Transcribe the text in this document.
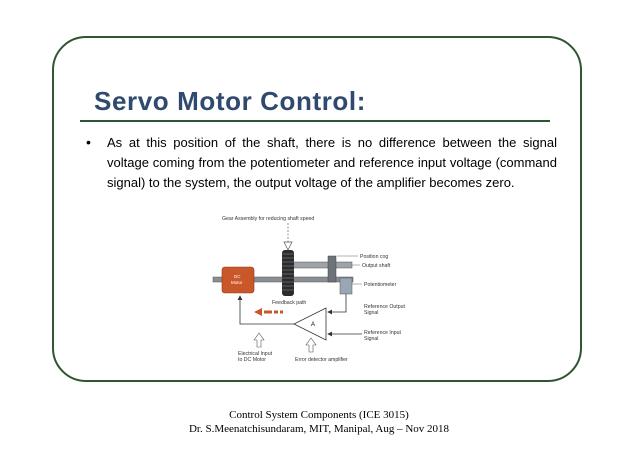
Servo Motor Control:
• As at this position of the shaft, there is no difference between the signal voltage coming from the potentiometer and reference input voltage (command signal) to the system, the output voltage of the amplifier becomes zero.

Gear Assembly for reducing shaft speed
DC
Motor
Position cog
Output shaft
Potentiometer
Reference Output
Signal
Reference Input
Signal
A
Feedback path
Electrical Input
to DC Motor	Error detector amplifier
Control System Components (ICE 3015)
Dr. S.Meenatchisundaram, MIT, Manipal, Aug – Nov 2018
